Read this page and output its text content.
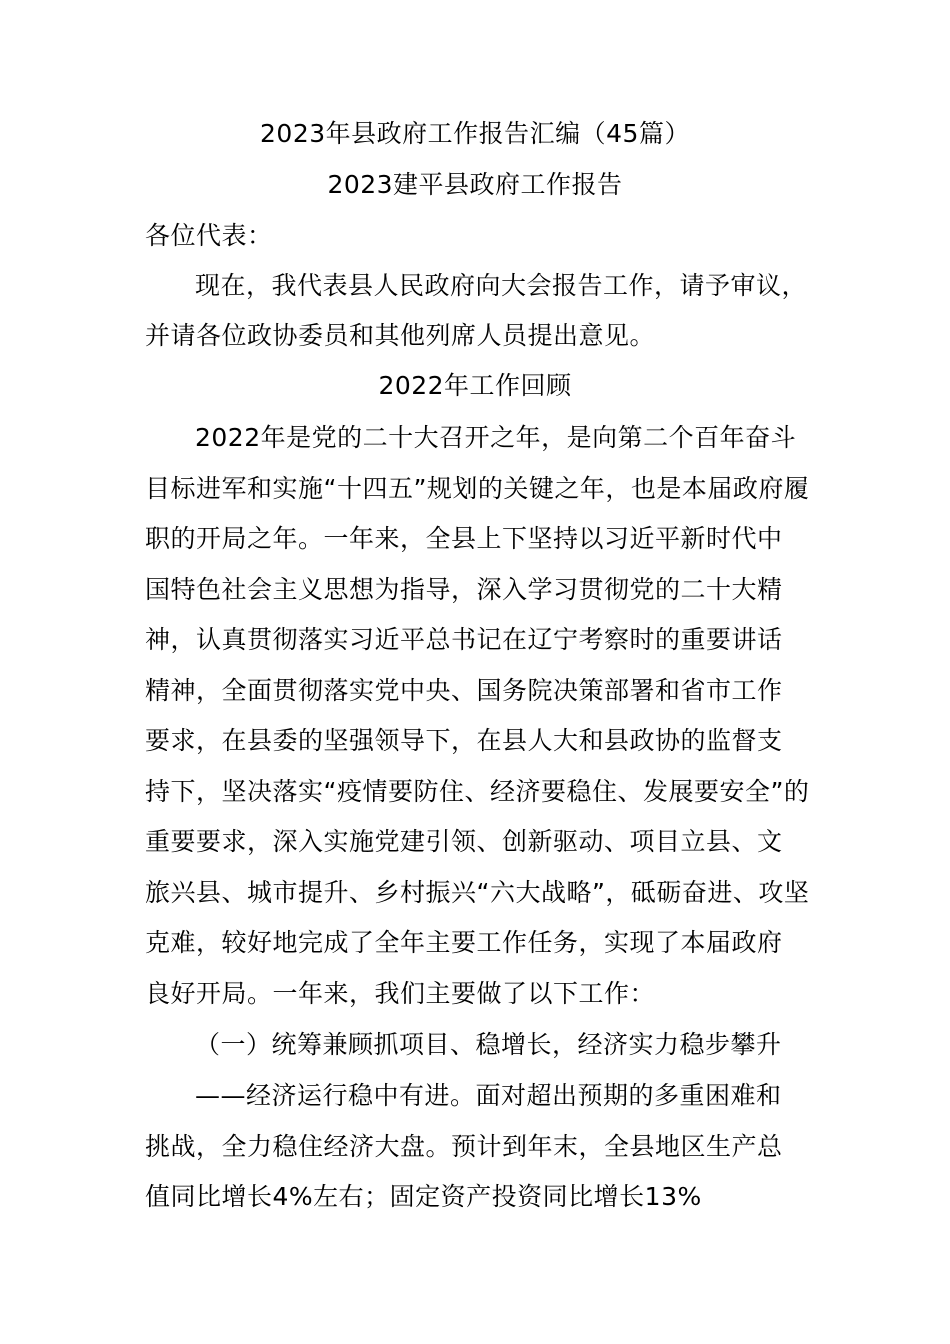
2023年县政府工作报告汇编（45篇）
2023建平县政府工作报告
各位代表：
现在，我代表县人民政府向大会报告工作，请予审议，
并请各位政协委员和其他列席人员提出意见。
2022年工作回顾
2022年是党的二十大召开之年，是向第二个百年奋斗
目标进军和实施“十四五”规划的关键之年，也是本届政府履
职的开局之年。一年来，全县上下坚持以习近平新时代中
国特色社会主义思想为指导，深入学习贯彻党的二十大精
神，认真贯彻落实习近平总书记在辽宁考察时的重要讲话
精神，全面贯彻落实党中央、国务院决策部署和省市工作
要求，在县委的坚强领导下，在县人大和县政协的监督支
持下，坚决落实“疫情要防住、经济要稳住、发展要安全”的
重要要求，深入实施党建引领、创新驱动、项目立县、文
旅兴县、城市提升、乡村振兴“六大战略”，砥砺奋进、攻坚
克难，较好地完成了全年主要工作任务，实现了本届政府
良好开局。一年来，我们主要做了以下工作：
（一）统筹兼顾抓项目、稳增长，经济实力稳步攀升
——经济运行稳中有进。面对超出预期的多重困难和
挑战，全力稳住经济大盘。预计到年末，全县地区生产总
值同比增长4%左右；固定资产投资同比增长13%
